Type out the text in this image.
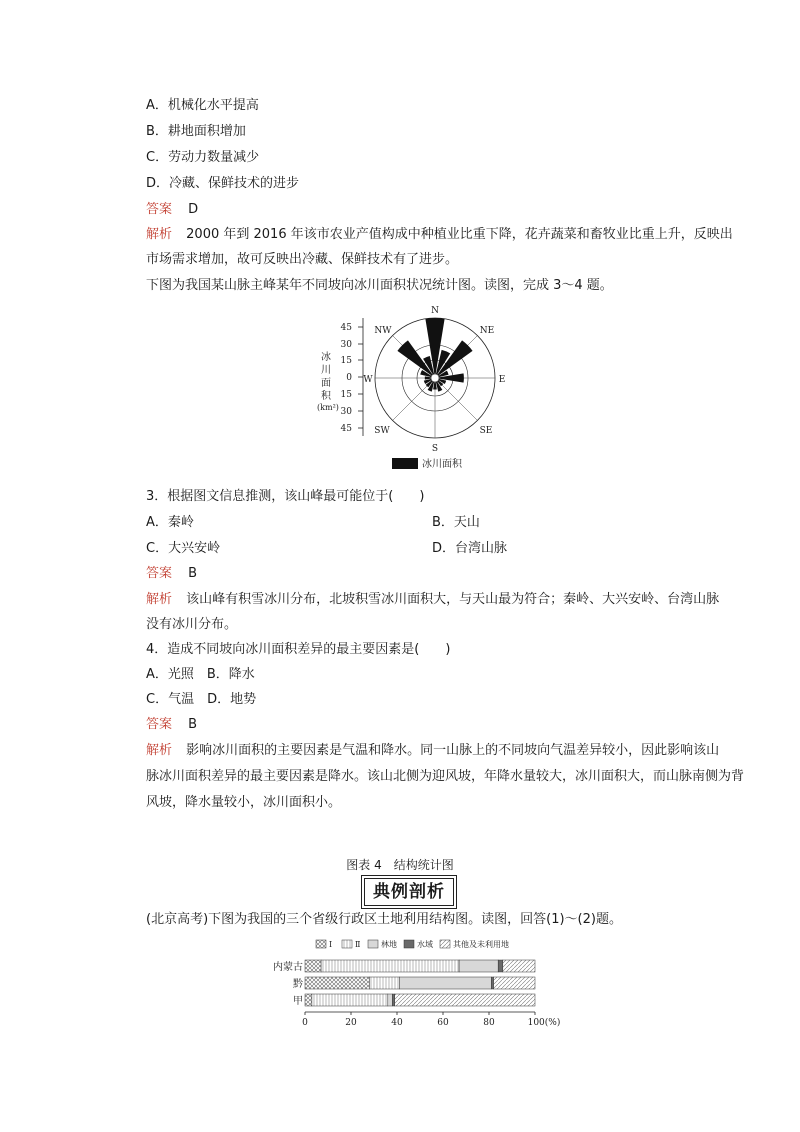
A．机械化水平提高
B．耕地面积增加
C．劳动力数量减少
D．冷藏、保鲜技术的进步
答案 D
解析 2000 年到 2016 年该市农业产值构成中种植业比重下降，花卉蔬菜和畜牧业比重上升，反映出
市场需求增加，故可反映出冷藏、保鲜技术有了进步。
下图为我国某山脉主峰某年不同坡向冰川面积状况统计图。读图，完成 3～4 题。
45
30
15
0
15
30
45
冰
川
面
积
(km²)
N
NE
E
SE
S
SW
W
NW
冰川面积
3．根据图文信息推测，该山峰最可能位于(　　)
A．秦岭	B．天山
C．大兴安岭	D．台湾山脉
答案 B
解析 该山峰有积雪冰川分布，北坡积雪冰川面积大，与天山最为符合；秦岭、大兴安岭、台湾山脉
没有冰川分布。
4．造成不同坡向冰川面积差异的最主要因素是(　　)
A．光照　B．降水
C．气温　D．地势
答案 B
解析 影响冰川面积的主要因素是气温和降水。同一山脉上的不同坡向气温差异较小，因此影响该山
脉冰川面积差异的最主要因素是降水。该山北侧为迎风坡，年降水量较大，冰川面积大，而山脉南侧为背
风坡，降水量较小，冰川面积小。
图表 4　结构统计图
典例剖析
(北京高考)下图为我国的三个省级行政区土地利用结构图。读图，回答(1)～(2)题。
Ⅰ	Ⅱ	林地	水域	其他及未利用地
内蒙古
黔
甲
0	20	40	60	80	100(%)
